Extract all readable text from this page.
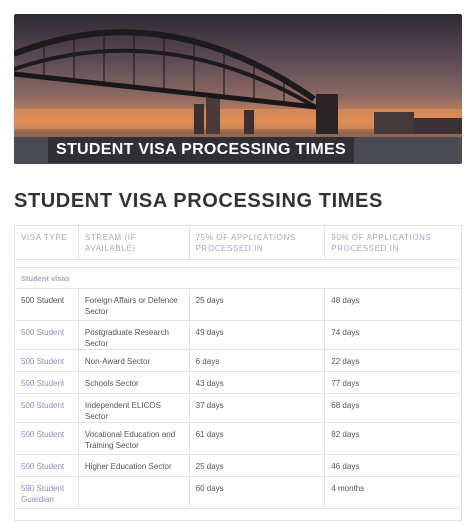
STUDENT VISA PROCESSING TIMES
STUDENT VISA PROCESSING TIMES
VISA TYPE	STREAM (IF AVAILABLE)	75% OF APPLICATIONS PROCESSED IN	90% OF APPLICATIONS PROCESSED IN

Student visas			
500 Student	Foreign Affairs or Defence Sector	25 days	48 days
500 Student	Postgraduate Research Sector	49 days	74 days
500 Student	Non-Award Sector	6 days	22 days
500 Student	Schools Sector	43 days	77 days
500 Student	Independent ELICOS Sector	37 days	68 days
500 Student	Vocational Education and Training Sector	61 days	82 days
500 Student	Higher Education Sector	25 days	46 days
590 Student Guardian		60 days	4 months
